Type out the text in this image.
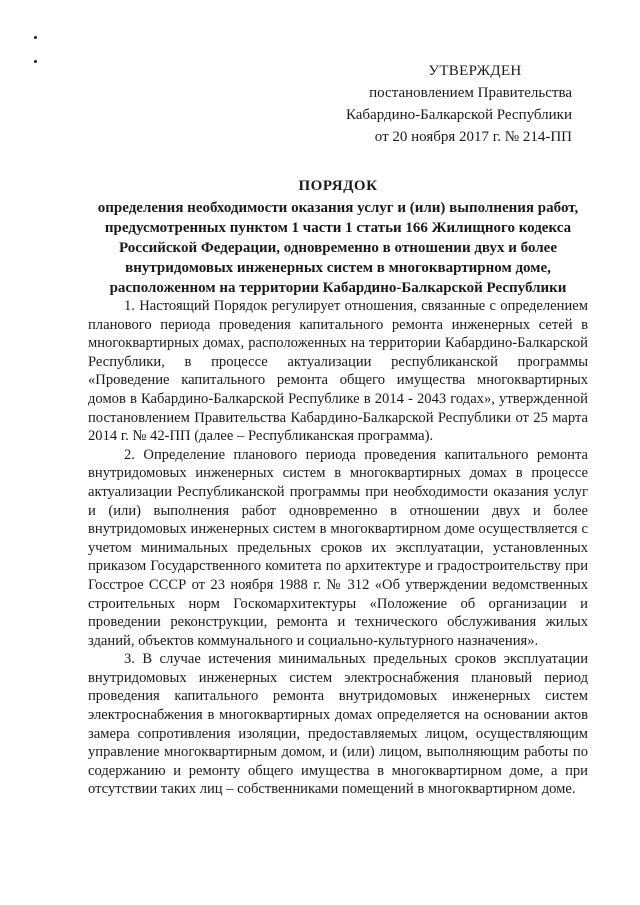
УТВЕРЖДЕН
постановлением Правительства
Кабардино-Балкарской Республики
от 20 ноября 2017 г. № 214-ПП
ПОРЯДОК
определения необходимости оказания услуг и (или) выполнения работ,
предусмотренных пунктом 1 части 1 статьи 166 Жилищного кодекса
Российской Федерации, одновременно в отношении двух и более
внутридомовых инженерных систем в многоквартирном доме,
расположенном на территории Кабардино-Балкарской Республики

1. Настоящий Порядок регулирует отношения, связанные с определением планового периода проведения капитального ремонта инженерных сетей в многоквартирных домах, расположенных на территории Кабардино-Балкарской Республики, в процессе актуализации республиканской программы «Проведение капитального ремонта общего имущества многоквартирных домов в Кабардино-Балкарской Республике в 2014 - 2043 годах», утвержденной постановлением Правительства Кабардино-Балкарской Республики от 25 марта 2014 г. № 42-ПП (далее – Республиканская программа).

2. Определение планового периода проведения капитального ремонта внутридомовых инженерных систем в многоквартирных домах в процессе актуализации Республиканской программы при необходимости оказания услуг и (или) выполнения работ одновременно в отношении двух и более внутридомовых инженерных систем в многоквартирном доме осуществляется с учетом минимальных предельных сроков их эксплуатации, установленных приказом Государственного комитета по архитектуре и градостроительству при Госстрое СССР от 23 ноября 1988 г. № 312 «Об утверждении ведомственных строительных норм Госкомархитектуры «Положение об организации и проведении реконструкции, ремонта и технического обслуживания жилых зданий, объектов коммунального и социально-культурного назначения».

3. В случае истечения минимальных предельных сроков эксплуатации внутридомовых инженерных систем электроснабжения плановый период проведения капитального ремонта внутридомовых инженерных систем электроснабжения в многоквартирных домах определяется на основании актов замера сопротивления изоляции, предоставляемых лицом, осуществляющим управление многоквартирным домом, и (или) лицом, выполняющим работы по содержанию и ремонту общего имущества в многоквартирном доме, а при отсутствии таких лиц – собственниками помещений в многоквартирном доме.
